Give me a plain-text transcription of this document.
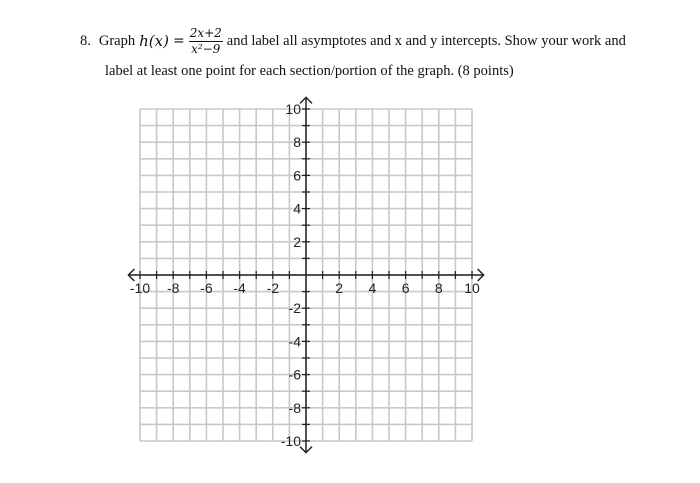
8. Graph $h(x) = \frac{2x+2}{\text{x²−9}}$ and label all asymptotes and x and y intercepts. Show your work and
label at least one point for each section/portion of the graph. (8 points)
-10 -8 -6 -4 -2	2 4 6 8 10
10
8
6
4
2
-2
-4
-6
-8
-10
